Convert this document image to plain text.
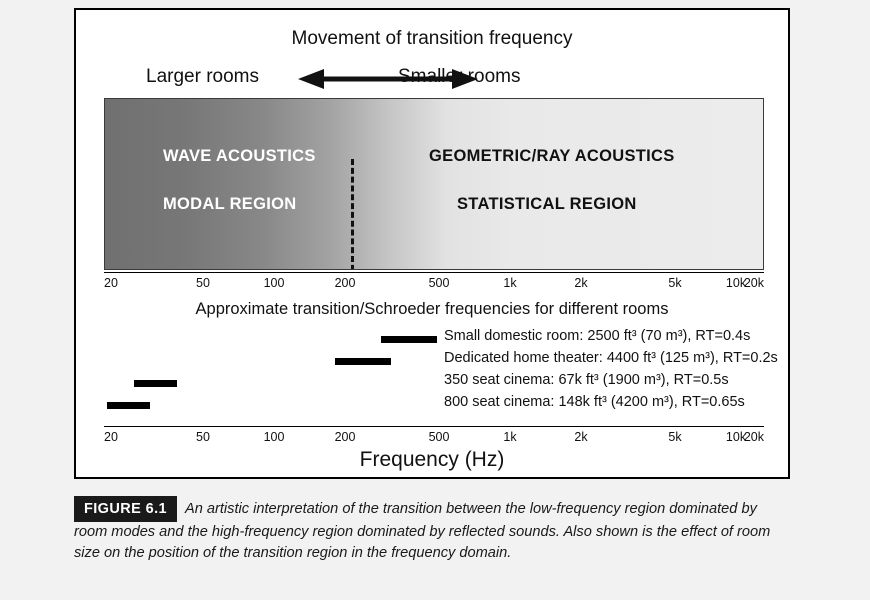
Movement of transition frequency
Larger rooms	Smaller rooms
WAVE ACOUSTICS
MODAL REGION
GEOMETRIC/RAY ACOUSTICS
STATISTICAL REGION
20	50	100	200	500	1k	2k	5k	10k
20k
Approximate transition/Schroeder frequencies for different rooms
Small domestic room: 2500 ft³ (70 m³), RT=0.4s
Dedicated home theater: 4400 ft³ (125 m³), RT=0.2s
350 seat cinema: 67k ft³ (1900 m³), RT=0.5s
800 seat cinema: 148k ft³ (4200 m³), RT=0.65s
20	50	100	200	500	1k	2k	5k	10k
20k
Frequency (Hz)
FIGURE 6.1 An artistic interpretation of the transition between the low-frequency region dominated by room modes and the high-frequency region dominated by reflected sounds. Also shown is the effect of room size on the position of the transition region in the frequency domain.
